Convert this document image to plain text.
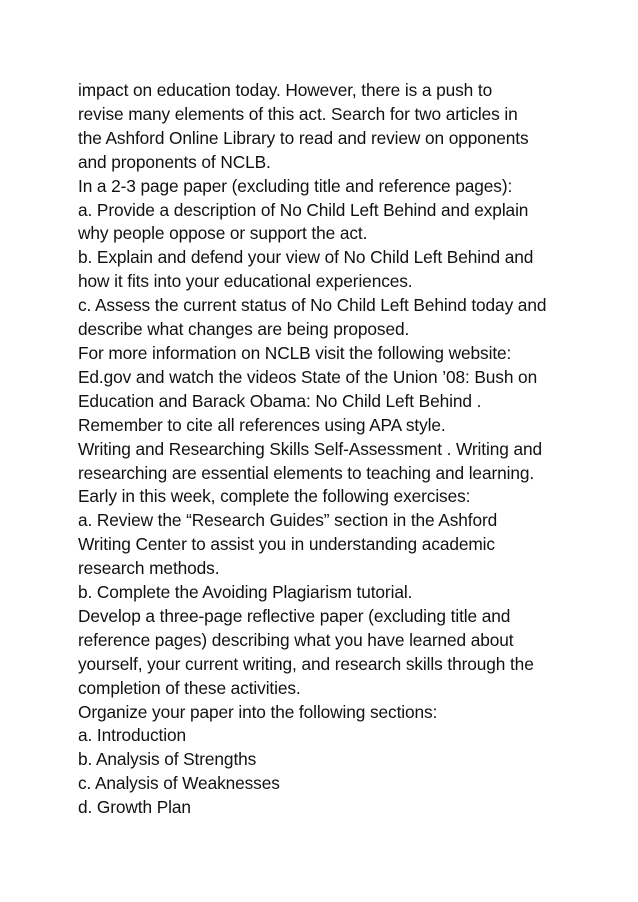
impact on education today. However, there is a push to
revise many elements of this act. Search for two articles in
the Ashford Online Library to read and review on opponents
and proponents of NCLB.
In a 2-3 page paper (excluding title and reference pages):
a. Provide a description of No Child Left Behind and explain
why people oppose or support the act.
b. Explain and defend your view of No Child Left Behind and
how it fits into your educational experiences.
c. Assess the current status of No Child Left Behind today and
describe what changes are being proposed.
For more information on NCLB visit the following website:
Ed.gov and watch the videos State of the Union ’08: Bush on
Education and Barack Obama: No Child Left Behind .
Remember to cite all references using APA style.
Writing and Researching Skills Self-Assessment . Writing and
researching are essential elements to teaching and learning.
Early in this week, complete the following exercises:
a. Review the “Research Guides” section in the Ashford
Writing Center to assist you in understanding academic
research methods.
b. Complete the Avoiding Plagiarism tutorial.
Develop a three-page reflective paper (excluding title and
reference pages) describing what you have learned about
yourself, your current writing, and research skills through the
completion of these activities.
Organize your paper into the following sections:
a. Introduction
b. Analysis of Strengths
c. Analysis of Weaknesses
d. Growth Plan
